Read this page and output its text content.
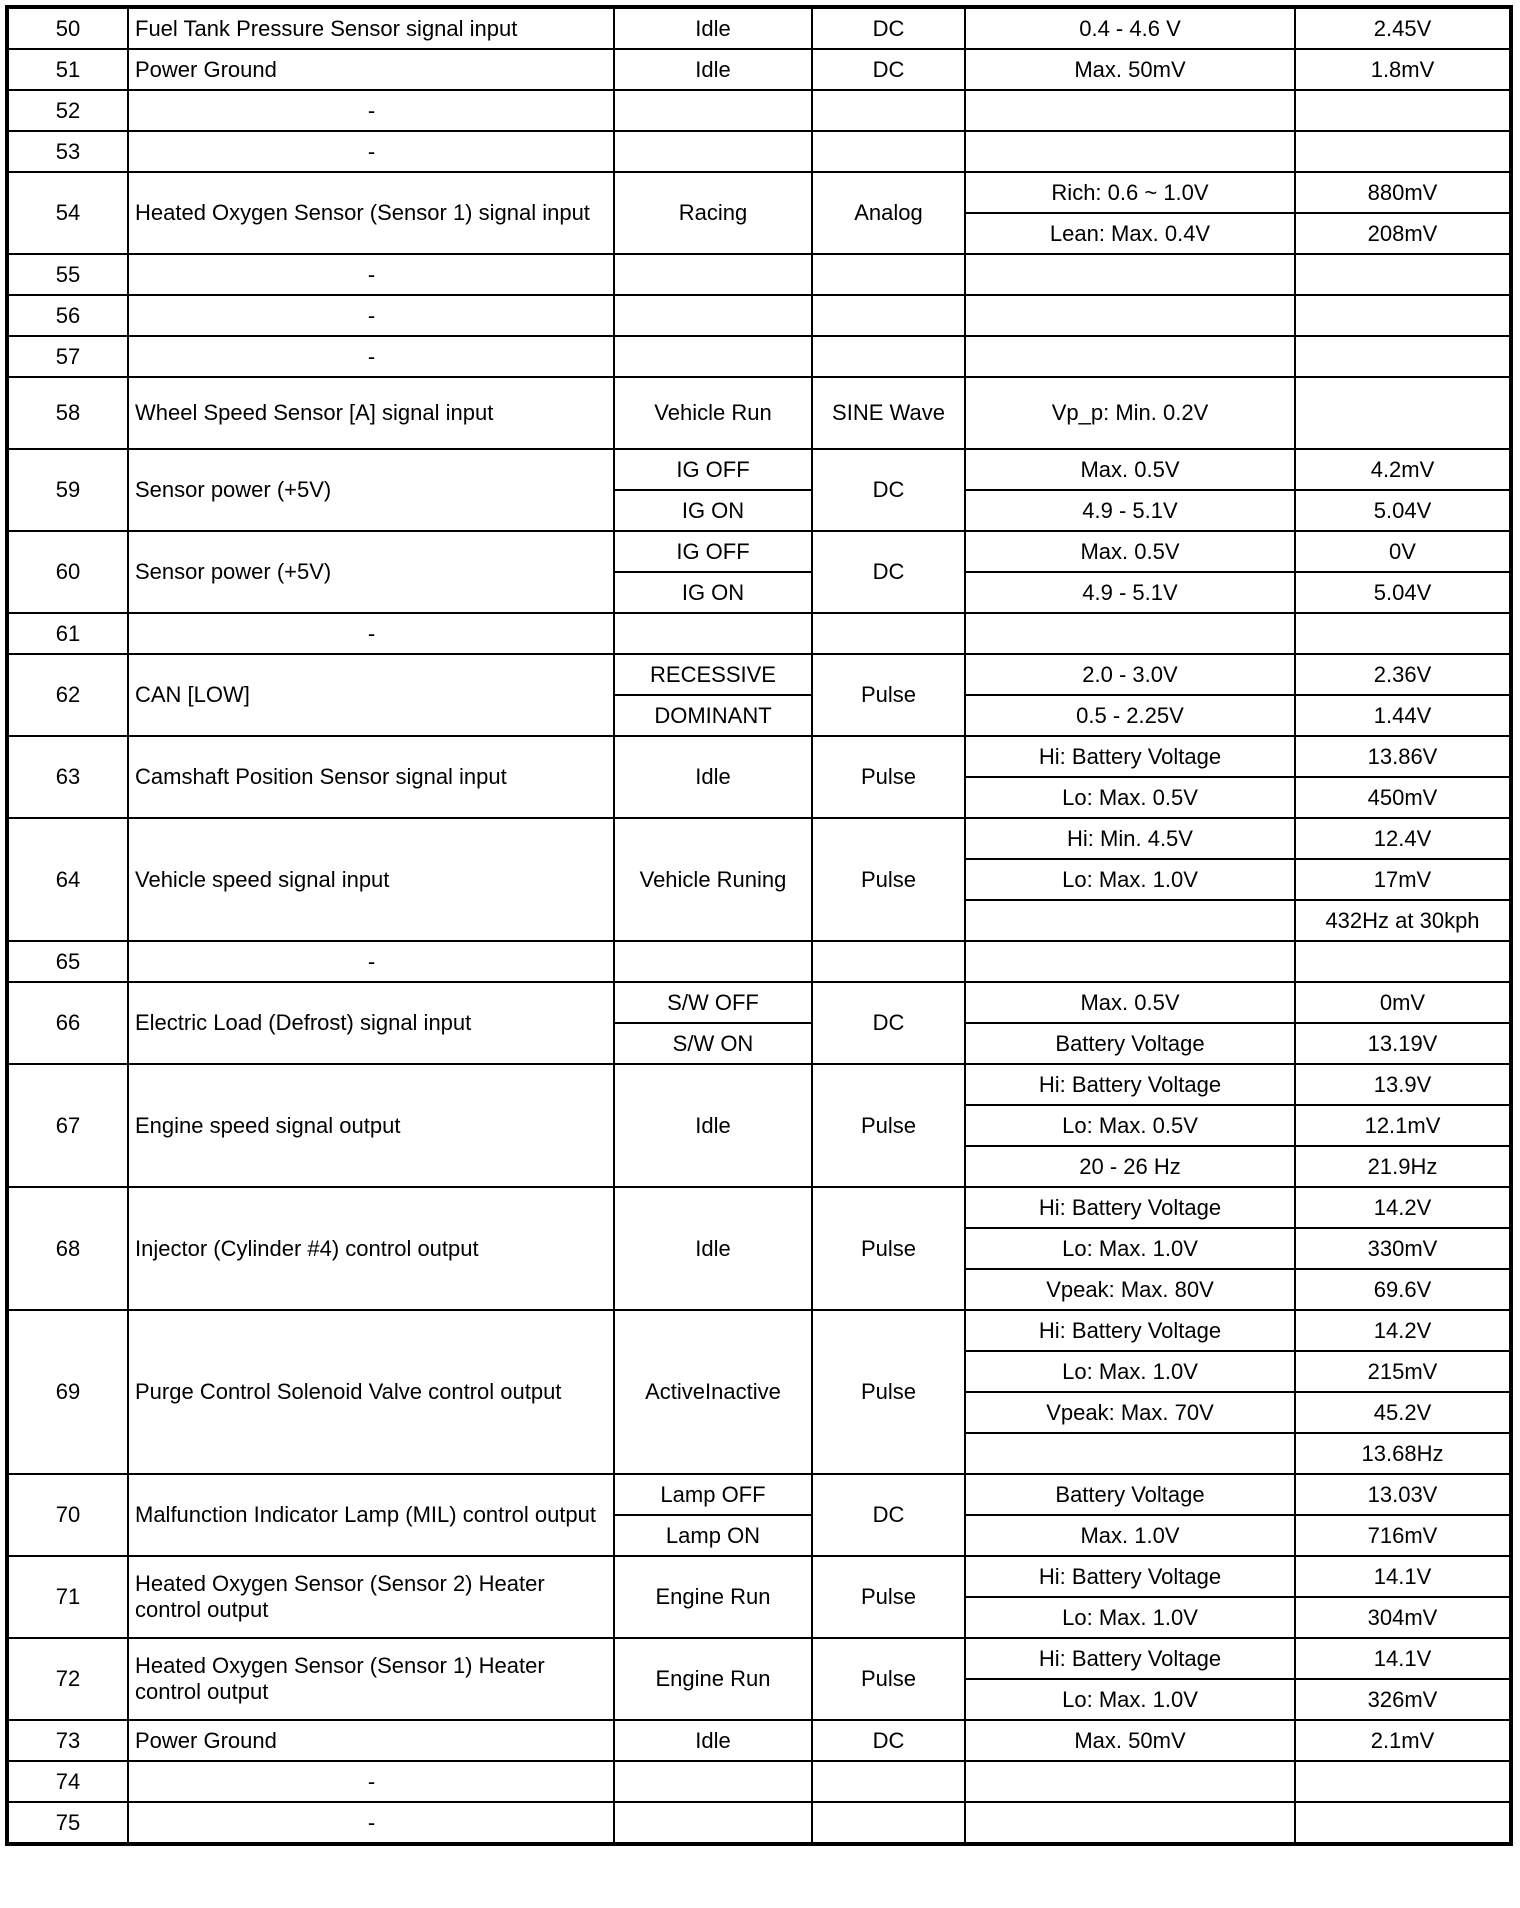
50	Fuel Tank Pressure Sensor signal input	Idle	DC	0.4 - 4.6 V	2.45V
51	Power Ground	Idle	DC	Max. 50mV	1.8mV
52	-				
53	-				
54	Heated Oxygen Sensor (Sensor 1) signal input	Racing	Analog	Rich: 0.6 ~ 1.0V	880mV
				Lean: Max. 0.4V	208mV
55	-				
56	-				
57	-				
58	Wheel Speed Sensor [A] signal input	Vehicle Run	SINE Wave	Vp_p: Min. 0.2V	
59	Sensor power (+5V)	IG OFF	DC	Max. 0.5V	4.2mV
		IG ON		4.9 - 5.1V	5.04V
60	Sensor power (+5V)	IG OFF	DC	Max. 0.5V	0V
		IG ON		4.9 - 5.1V	5.04V
61	-				
62	CAN [LOW]	RECESSIVE	Pulse	2.0 - 3.0V	2.36V
		DOMINANT		0.5 - 2.25V	1.44V
63	Camshaft Position Sensor signal input	Idle	Pulse	Hi: Battery Voltage	13.86V
				Lo: Max. 0.5V	450mV
64	Vehicle speed signal input	Vehicle Runing	Pulse	Hi: Min. 4.5V	12.4V
				Lo: Max. 1.0V	17mV
					432Hz at 30kph
65	-				
66	Electric Load (Defrost) signal input	S/W OFF	DC	Max. 0.5V	0mV
		S/W ON		Battery Voltage	13.19V
67	Engine speed signal output	Idle	Pulse	Hi: Battery Voltage	13.9V
				Lo: Max. 0.5V	12.1mV
				20 - 26 Hz	21.9Hz
68	Injector (Cylinder #4) control output	Idle	Pulse	Hi: Battery Voltage	14.2V
				Lo: Max. 1.0V	330mV
				Vpeak: Max. 80V	69.6V
69	Purge Control Solenoid Valve control output	ActiveInactive	Pulse	Hi: Battery Voltage	14.2V
				Lo: Max. 1.0V	215mV
				Vpeak: Max. 70V	45.2V
					13.68Hz
70	Malfunction Indicator Lamp (MIL) control output	Lamp OFF	DC	Battery Voltage	13.03V
		Lamp ON		Max. 1.0V	716mV
71	Heated Oxygen Sensor (Sensor 2) Heater control output	Engine Run	Pulse	Hi: Battery Voltage	14.1V
				Lo: Max. 1.0V	304mV
72	Heated Oxygen Sensor (Sensor 1) Heater control output	Engine Run	Pulse	Hi: Battery Voltage	14.1V
				Lo: Max. 1.0V	326mV
73	Power Ground	Idle	DC	Max. 50mV	2.1mV
74	-				
75	-				
